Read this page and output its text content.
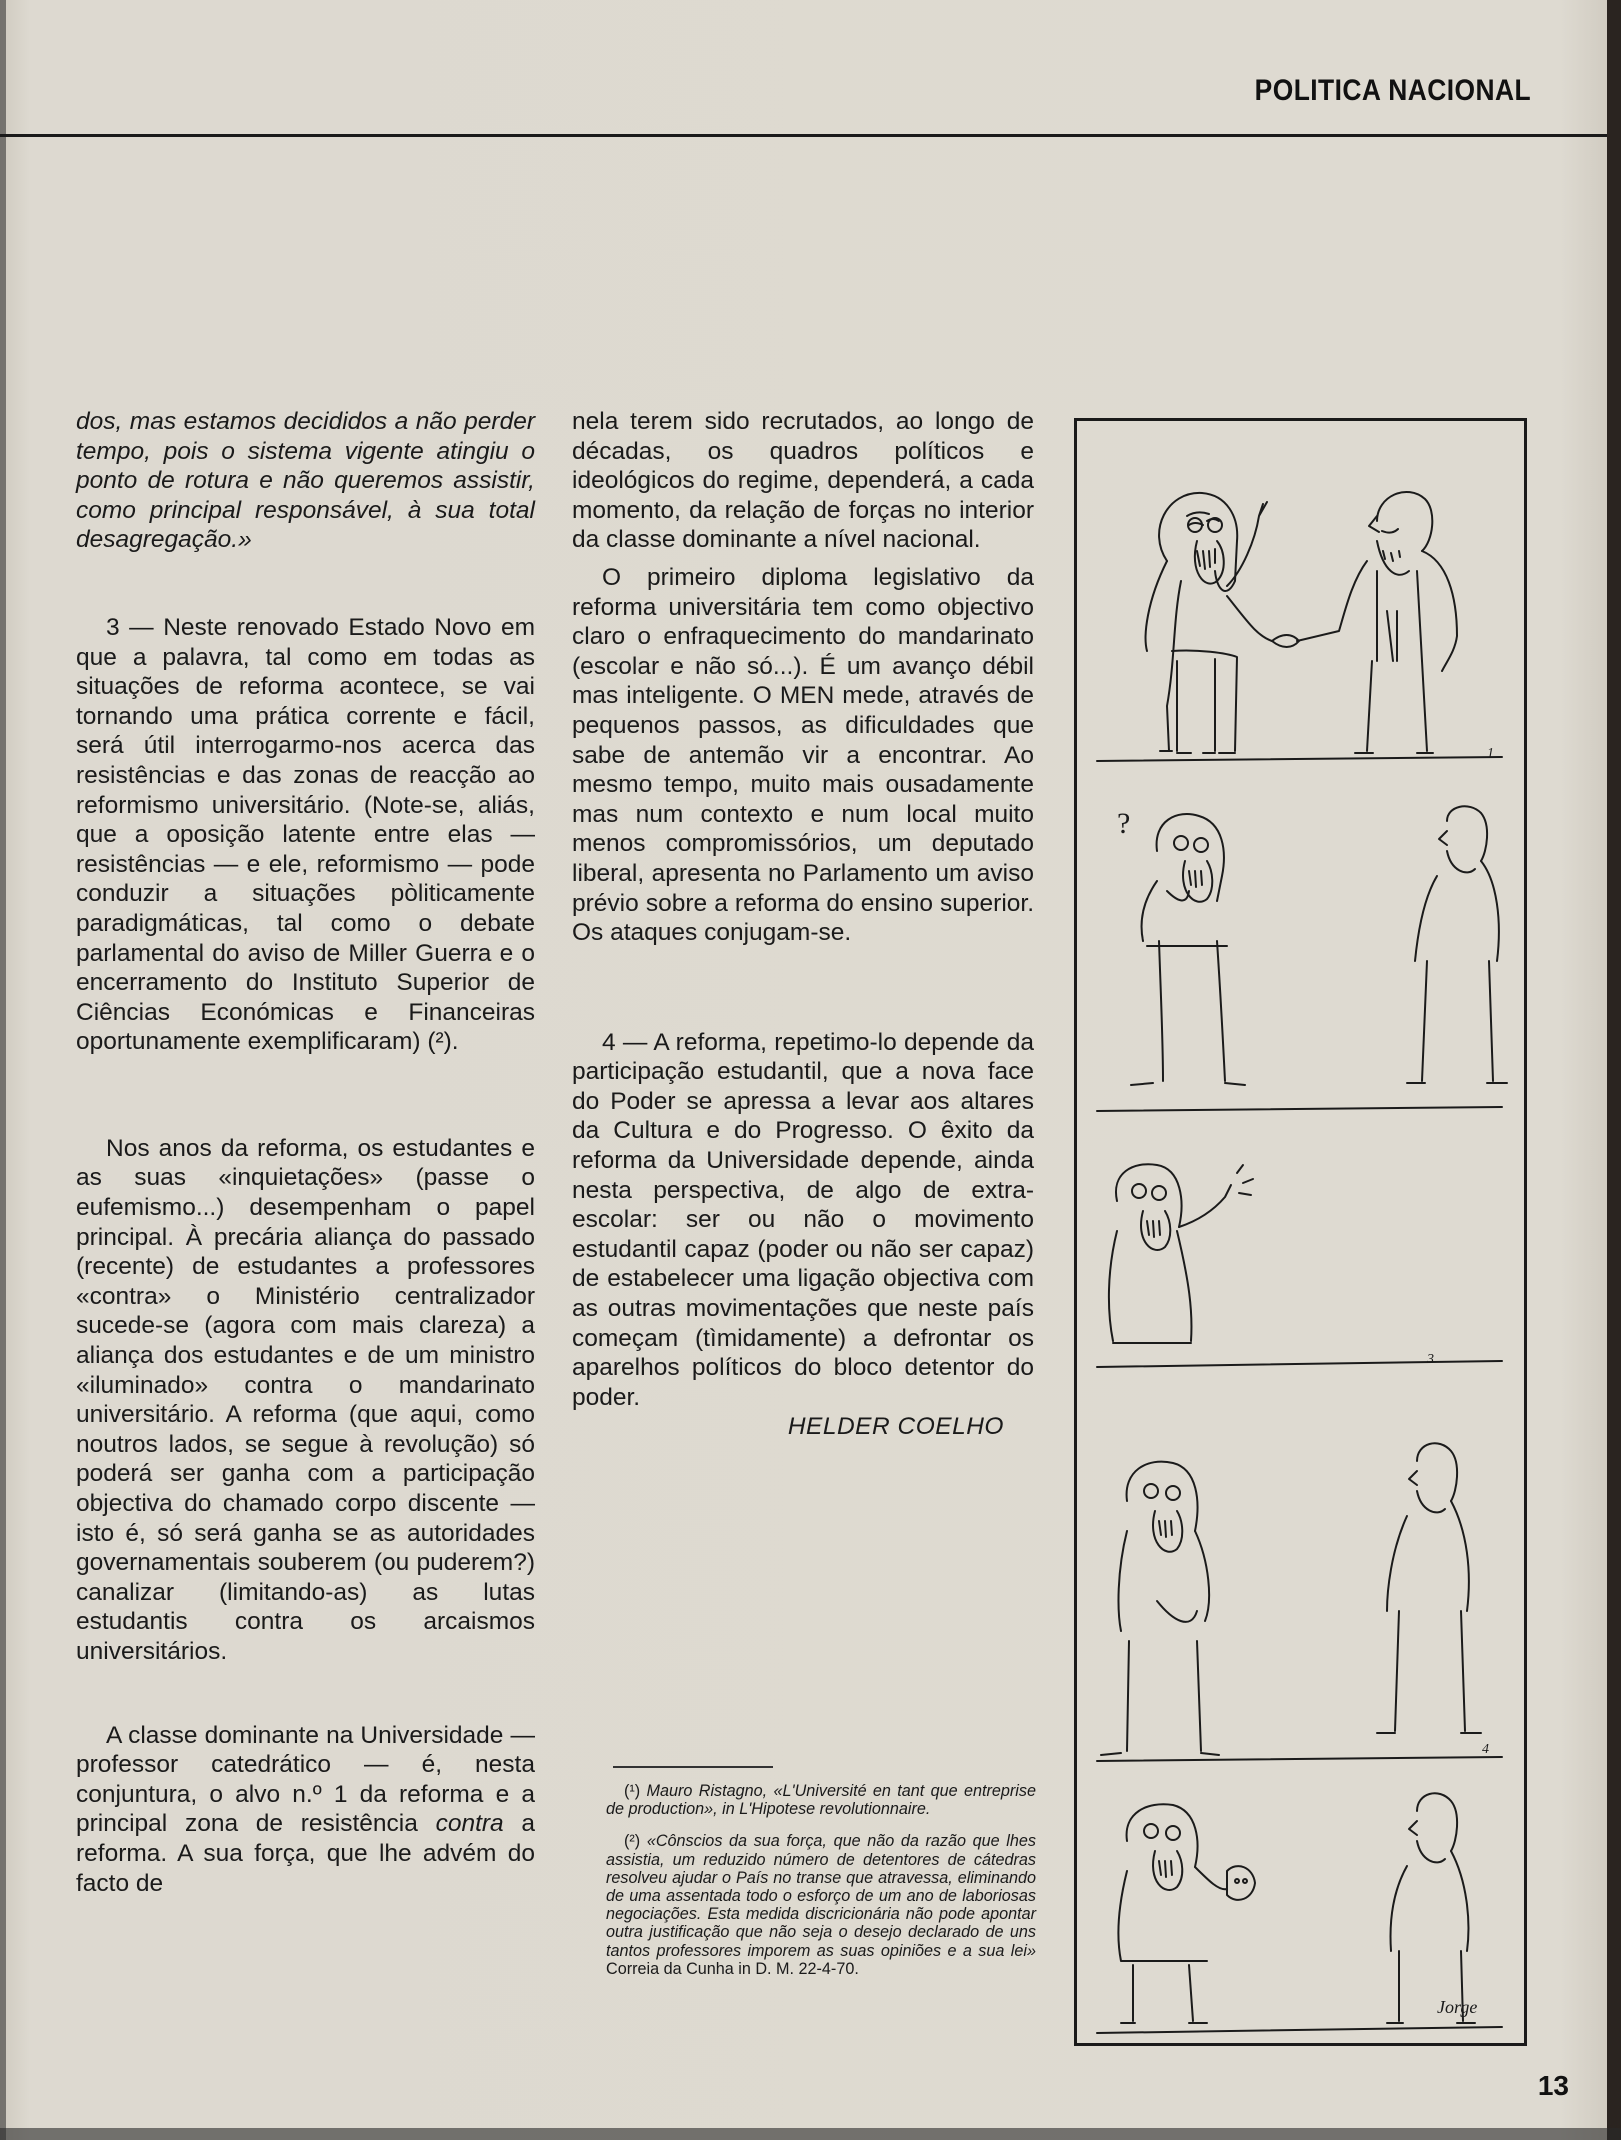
POLITICA NACIONAL

dos, mas estamos decididos a não perder tempo, pois o sistema vigente atingiu o ponto de rotura e não queremos assistir, como principal responsável, à sua total desagregação.»

3 — Neste renovado Estado Novo em que a palavra, tal como em todas as situações de reforma acontece, se vai tornando uma prática corrente e fácil, será útil interrogarmo-nos acerca das resistências e das zonas de reacção ao reformismo universitário. (Note-se, aliás, que a oposição latente entre elas — resistências — e ele, reformismo — pode conduzir a situações pòliticamente paradigmáticas, tal como o debate parlamental do aviso de Miller Guerra e o encerramento do Instituto Superior de Ciências Económicas e Financeiras oportunamente exemplificaram) (²).

Nos anos da reforma, os estudantes e as suas «inquietações» (passe o eufemismo...) desempenham o papel principal. À precária aliança do passado (recente) de estudantes a professores «contra» o Ministério centralizador sucede-se (agora com mais clareza) a aliança dos estudantes e de um ministro «iluminado» contra o mandarinato universitário. A reforma (que aqui, como noutros lados, se segue à revolução) só poderá ser ganha com a participação objectiva do chamado corpo discente — isto é, só será ganha se as autoridades governamentais souberem (ou puderem?) canalizar (limitando-as) as lutas estudantis contra os arcaismos universitários.

A classe dominante na Universidade — professor catedrático — é, nesta conjuntura, o alvo n.º 1 da reforma e a principal zona de resistência contra a reforma. A sua força, que lhe advém do facto de

nela terem sido recrutados, ao longo de décadas, os quadros políticos e ideológicos do regime, dependerá, a cada momento, da relação de forças no interior da classe dominante a nível nacional.

O primeiro diploma legislativo da reforma universitária tem como objectivo claro o enfraquecimento do mandarinato (escolar e não só...). É um avanço débil mas inteligente. O MEN mede, através de pequenos passos, as dificuldades que sabe de antemão vir a encontrar. Ao mesmo tempo, muito mais ousadamente mas num contexto e num local muito menos compromissórios, um deputado liberal, apresenta no Parlamento um aviso prévio sobre a reforma do ensino superior. Os ataques conjugam-se.

4 — A reforma, repetimo-lo depende da participação estudantil, que a nova face do Poder se apressa a levar aos altares da Cultura e do Progresso. O êxito da reforma da Universidade depende, ainda nesta perspectiva, de algo de extra-escolar: ser ou não o movimento estudantil capaz (poder ou não ser capaz) de estabelecer uma ligação objectiva com as outras movimentações que neste país começam (tìmidamente) a defrontar os aparelhos políticos do bloco detentor do poder.

HELDER COELHO

(¹) Mauro Ristagno, «L'Université en tant que entreprise de production», in L'Hipotese revolutionnaire.

(²) «Cônscios da sua força, que não da razão que lhes assistia, um reduzido número de detentores de cátedras resolveu ajudar o País no transe que atravessa, eliminando de uma assentada todo o esforço de um ano de laboriosas negociações. Esta medida discricionária não pode apontar outra justificação que não seja o desejo declarado de uns tantos professores imporem as suas opiniões e a sua lei» Correia da Cunha in D. M. 22-4-70.

1
?
3
4
Jorge
13
